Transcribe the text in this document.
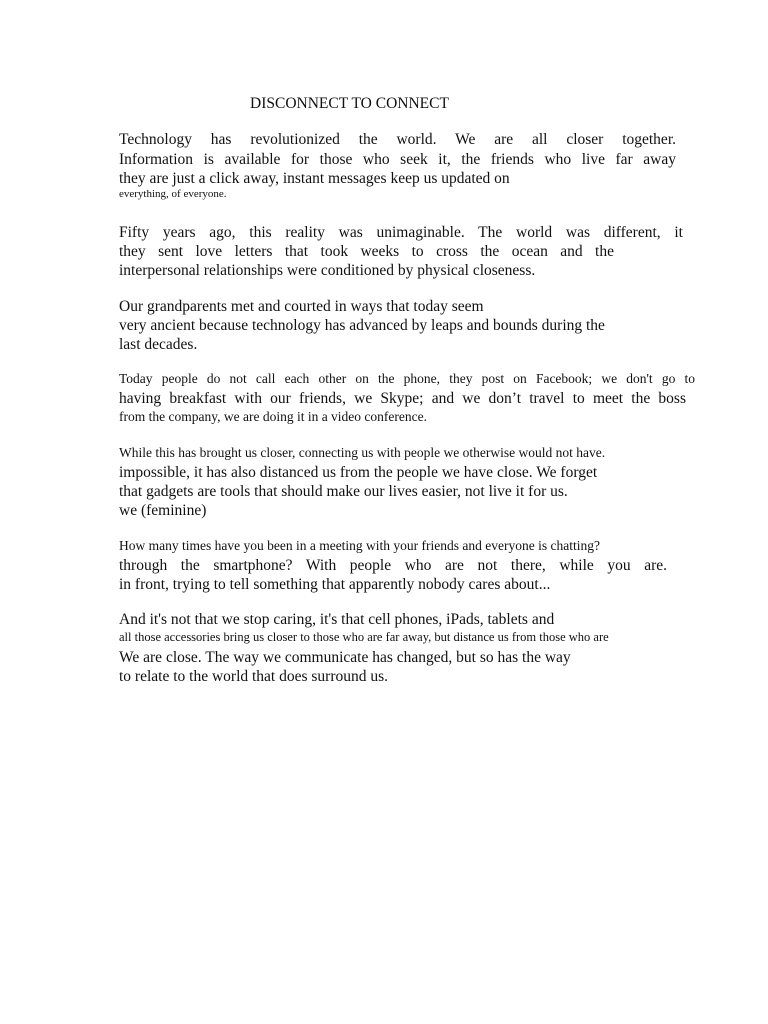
DISCONNECT TO CONNECT
Technology has revolutionized the world. We are all closer together.
Information is available for those who seek it, the friends who live far away
they are just a click away, instant messages keep us updated on
everything, of everyone.
Fifty years ago, this reality was unimaginable. The world was different, it
they sent love letters that took weeks to cross the ocean and the
interpersonal relationships were conditioned by physical closeness.
Our grandparents met and courted in ways that today seem
very ancient because technology has advanced by leaps and bounds during the
last decades.
Today people do not call each other on the phone, they post on Facebook; we don't go to
having breakfast with our friends, we Skype; and we don’t travel to meet the boss
from the company, we are doing it in a video conference.
While this has brought us closer, connecting us with people we otherwise would not have.
impossible, it has also distanced us from the people we have close. We forget
that gadgets are tools that should make our lives easier, not live it for us.
we (feminine)
How many times have you been in a meeting with your friends and everyone is chatting?
through the smartphone? With people who are not there, while you are.
in front, trying to tell something that apparently nobody cares about...
And it's not that we stop caring, it's that cell phones, iPads, tablets and
all those accessories bring us closer to those who are far away, but distance us from those who are
We are close. The way we communicate has changed, but so has the way
to relate to the world that does surround us.
